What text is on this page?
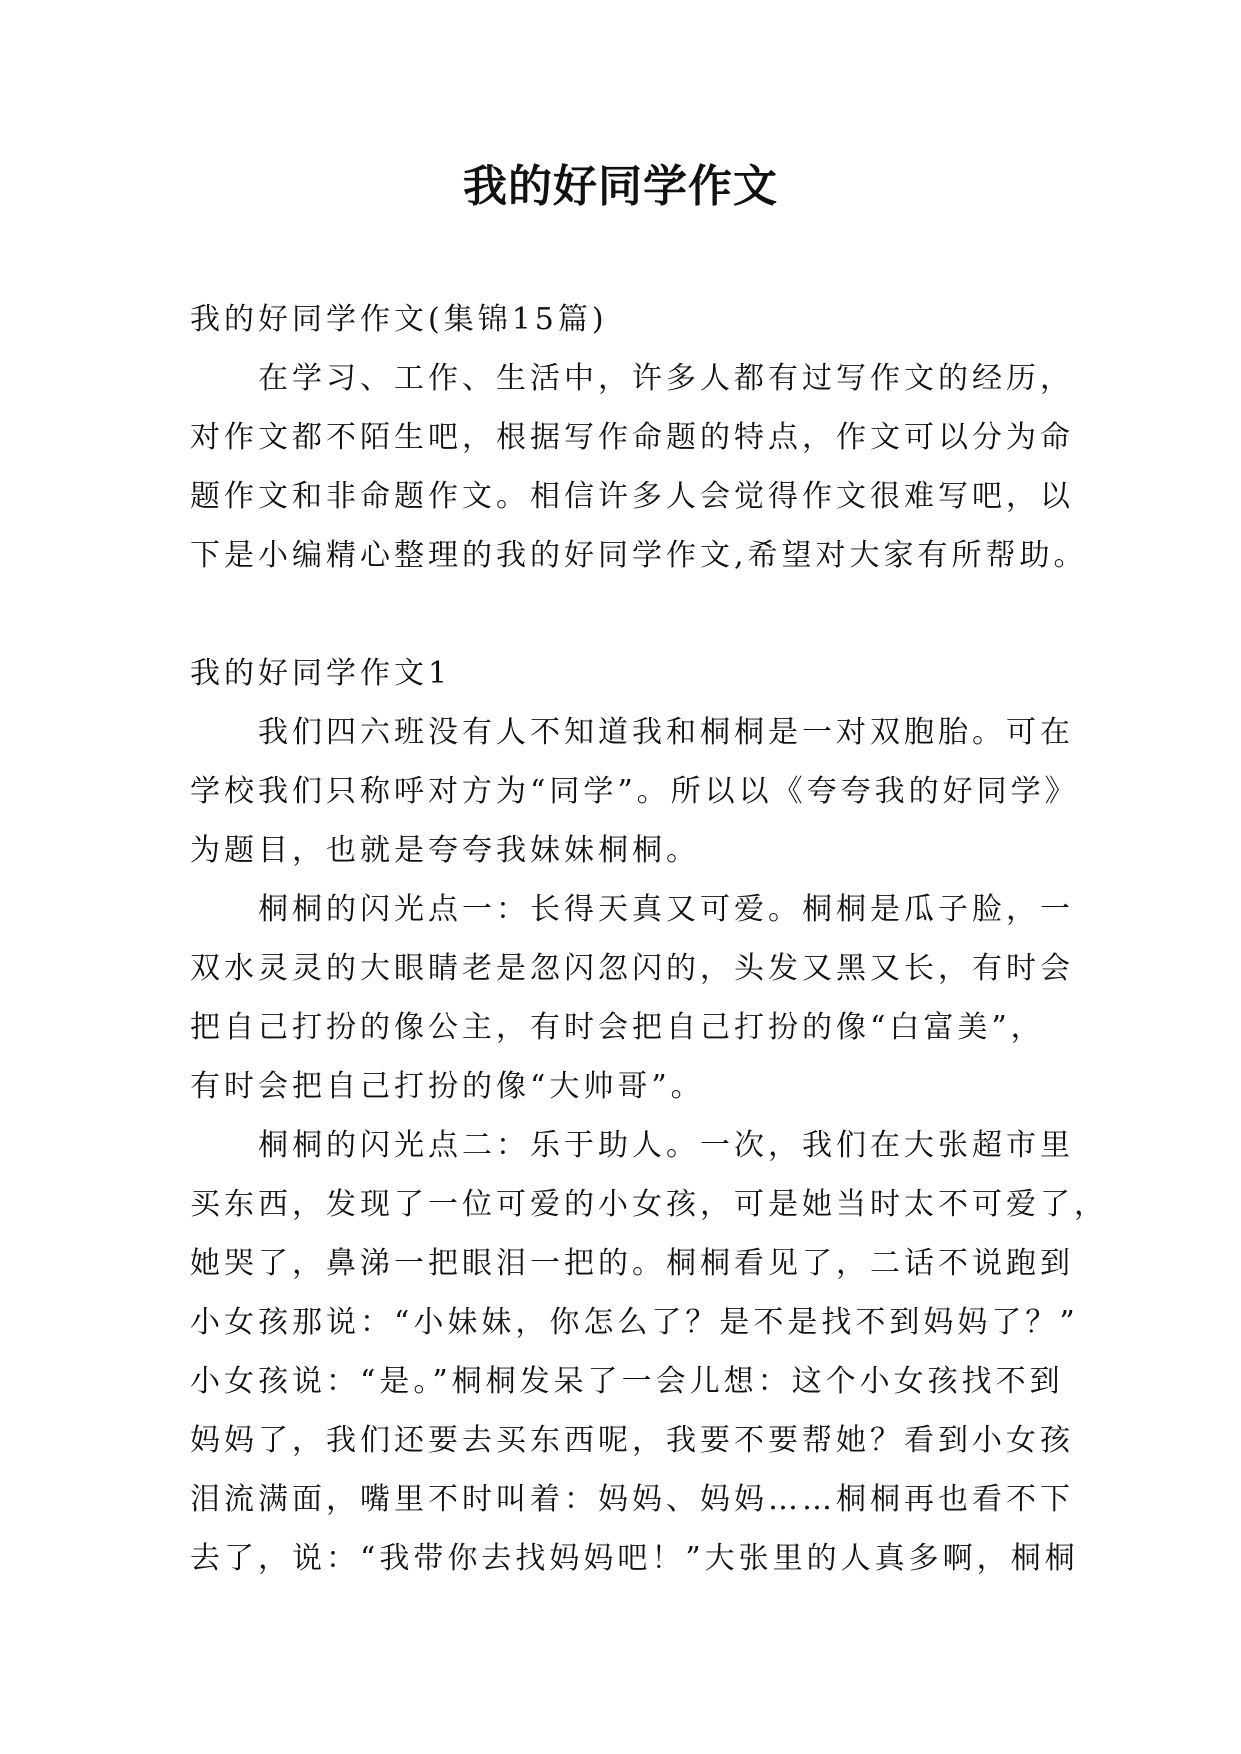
我的好同学作文

我的好同学作文(集锦15篇)

在学习、工作、生活中，许多人都有过写作文的经历，

对作文都不陌生吧，根据写作命题的特点，作文可以分为命

题作文和非命题作文。相信许多人会觉得作文很难写吧，以

下是小编精心整理的我的好同学作文,希望对大家有所帮助。

我的好同学作文1

我们四六班没有人不知道我和桐桐是一对双胞胎。可在

学校我们只称呼对方为“同学”。所以以《夸夸我的好同学》

为题目，也就是夸夸我妹妹桐桐。

桐桐的闪光点一：长得天真又可爱。桐桐是瓜子脸，一

双水灵灵的大眼睛老是忽闪忽闪的，头发又黑又长，有时会

把自己打扮的像公主，有时会把自己打扮的像“白富美”，

有时会把自己打扮的像“大帅哥”。

桐桐的闪光点二：乐于助人。一次，我们在大张超市里

买东西，发现了一位可爱的小女孩，可是她当时太不可爱了，

她哭了，鼻涕一把眼泪一把的。桐桐看见了，二话不说跑到

小女孩那说：“小妹妹，你怎么了？是不是找不到妈妈了？”

小女孩说：“是。”桐桐发呆了一会儿想：这个小女孩找不到

妈妈了，我们还要去买东西呢，我要不要帮她？看到小女孩

泪流满面，嘴里不时叫着：妈妈、妈妈……桐桐再也看不下

去了，说：“我带你去找妈妈吧！”大张里的人真多啊，桐桐
